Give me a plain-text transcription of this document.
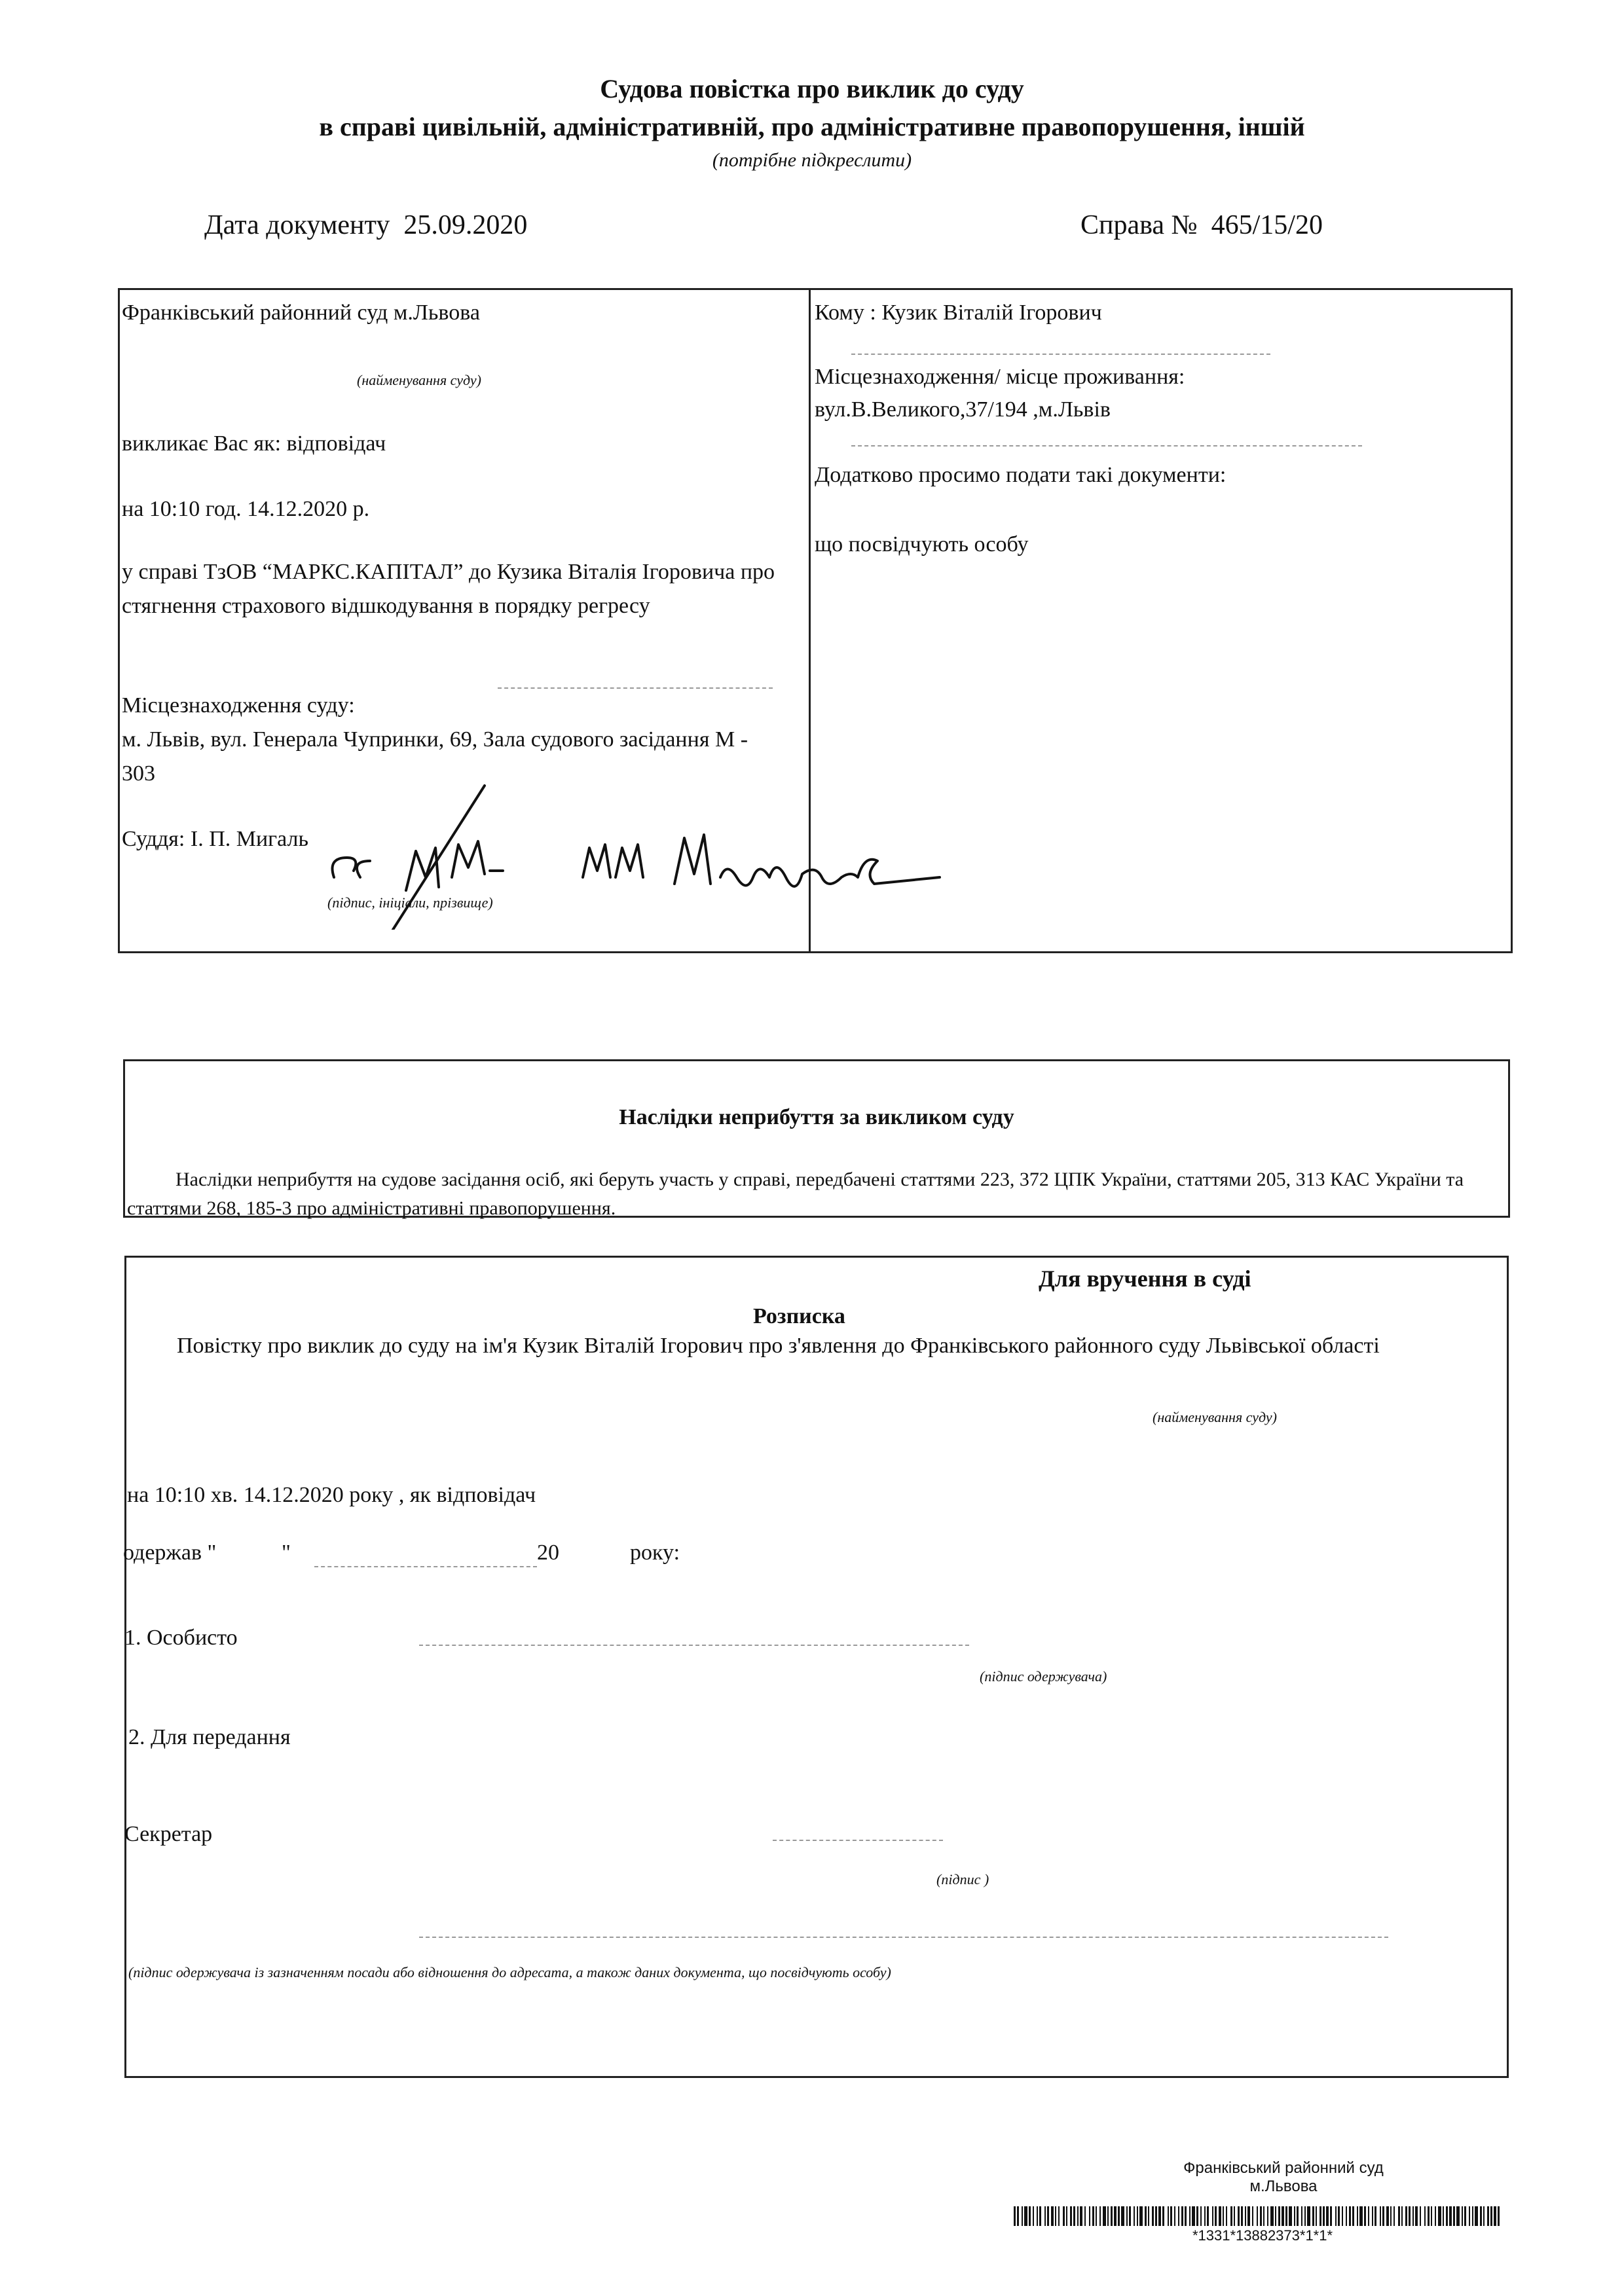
Судова повістка про виклик до суду
в справі цивільній, адміністративній, про адміністративне правопорушення, іншій
(потрібне підкреслити)
Дата документу 25.09.2020	Справа № 465/15/20
Франківський районний суд м.Львова
(найменування суду)
викликає Вас як: відповідач
на 10:10 год. 14.12.2020 р.
у справі ТзОВ “МАРКС.КАПІТАЛ” до Кузика Віталія Ігоровича про стягнення страхового відшкодування в порядку регресу
Місцезнаходження суду:
м. Львів, вул. Генерала Чупринки, 69, Зала судового засідання М - 303
Суддя: І. П. Мигаль
(підпис, ініціали, прізвище)
Кому : Кузик Віталій Ігорович
Місцезнаходження/ місце проживання:
вул.В.Великого,37/194 ,м.Львів
Додатково просимо подати такі документи:
що посвідчують особу
Наслідки неприбуття за викликом суду
Наслідки неприбуття на судове засідання осіб, які беруть участь у справі, передбачені статтями 223, 372 ЦПК України, статтями 205, 313 КАС України та статтями 268, 185-3 про адміністративні правопорушення.
Для вручення в суді
Розписка
Повістку про виклик до суду на ім'я Кузик Віталій Ігорович про з'явлення до Франківського районного суду Львівської області
(найменування суду)
на 10:10 хв. 14.12.2020 року , як відповідач
одержав "	"	20	року:
1. Особисто
(підпис одержувача)
2. Для передання
Секретар
(підпис )
(підпис одержувача із зазначенням посади або відношення до адресата, а також даних документа, що посвідчують особу)
Франківський районний суд
м.Львова
*1331*13882373*1*1*
